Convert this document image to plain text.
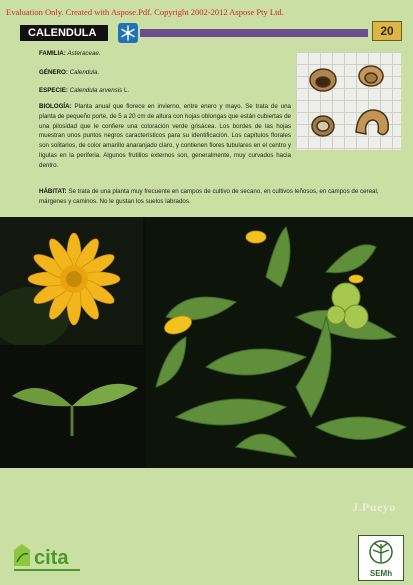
Evaluation Only. Created with Aspose.Pdf. Copyright 2002-2012 Aspose Pty Ltd.
CALENDULA	20
FAMILIA: Asteraceae.
GÉNERO: Calendula.
ESPECIE: Calendula arvensis L.
BIOLOGÍA: Planta anual que florece en invierno, entre enero y mayo. Se trata de una planta de pequeño porte, de 5 a 20 cm de altura con hojas oblongas que están cubiertas de una pilosidad que le confiere una coloración verde grisácea. Los bordes de las hojas muestran unos puntos negros característicos para su identificación. Los capítulos florales son solitarios, de color amarillo anaranjado claro, y contienen flores tubulares en el centro y lígulas en la periferia. Algunos frutillos externos son, generalmente, muy curvados hacia dentro.
HÁBITAT: Se trata de una planta muy frecuente en campos de cultivo de secano, en cultivos leñosos, en campos de cereal, márgenes y caminos. No le gustan los suelos labrados.
J.Pueyo
cita
SEMh
